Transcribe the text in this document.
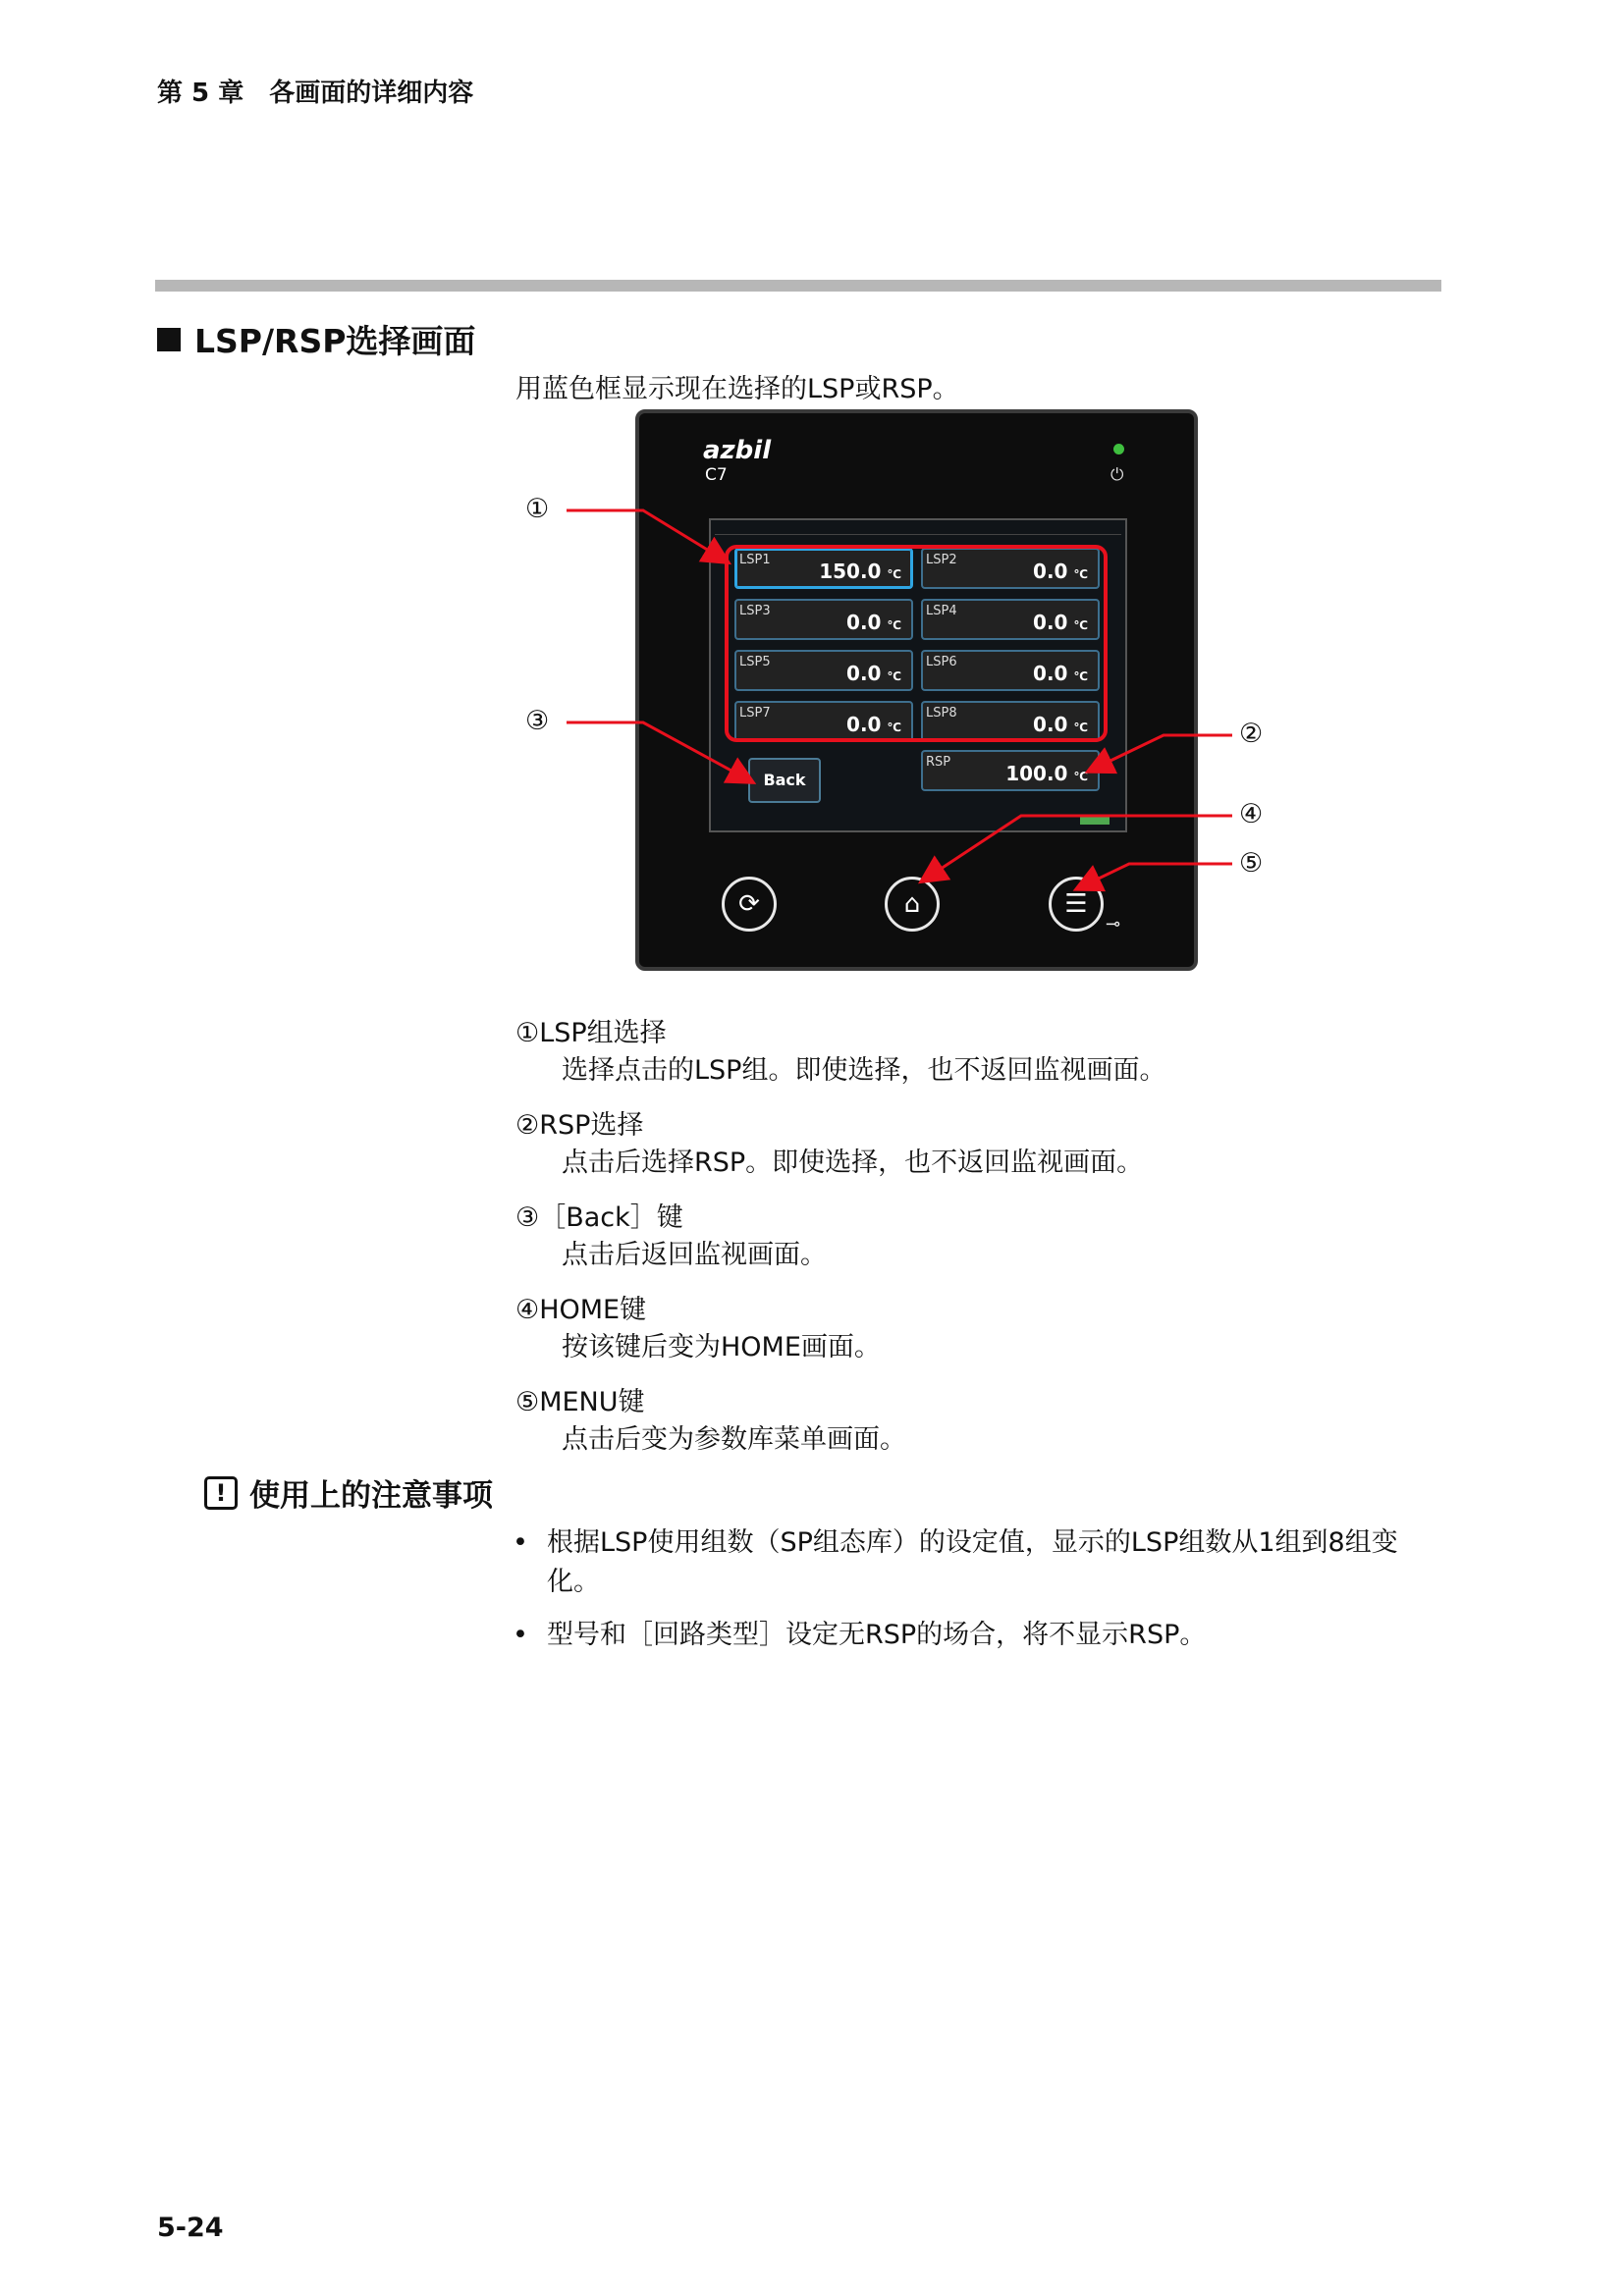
第 5 章　各画面的详细内容
LSP/RSP选择画面
用蓝色框显示现在选择的LSP或RSP。
azbil
C7	⏻
LSP1 150.0 ℃
LSP2	0.0 ℃
LSP3	0.0 ℃
LSP4	0.0 ℃
LSP5	0.0 ℃
LSP6	0.0 ℃
LSP7	0.0 ℃
LSP8	0.0 ℃
RSP	100.0 ℃
Back
⟳	⌂	☰
⊸
①
③	②
④
⑤
①LSP组选择
选择点击的LSP组。即使选择，也不返回监视画面。
②RSP选择
点击后选择RSP。即使选择，也不返回监视画面。
③［Back］键
点击后返回监视画面。
④HOME键
按该键后变为HOME画面。
⑤MENU键
点击后变为参数库菜单画面。
! 使用上的注意事项
• 根据LSP使用组数（SP组态库）的设定值，显示的LSP组数从1组到8组变化。
• 型号和［回路类型］设定无RSP的场合，将不显示RSP。
5-24
